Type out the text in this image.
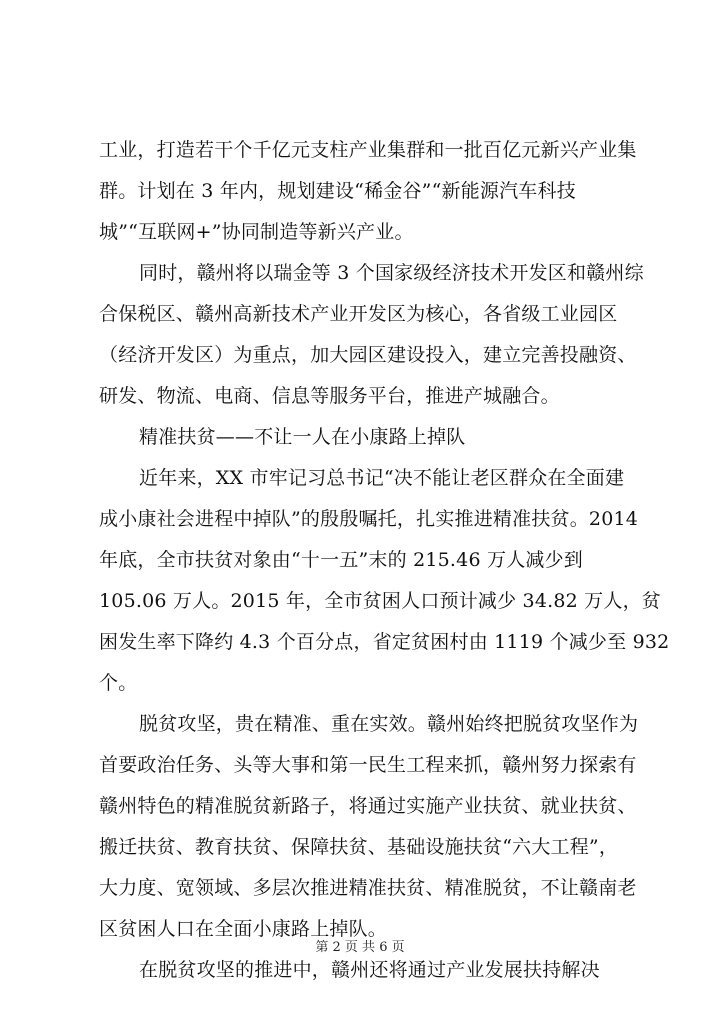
工业，打造若干个千亿元支柱产业集群和一批百亿元新兴产业集
群。计划在 3 年内，规划建设“稀金谷”“新能源汽车科技
城”“互联网+”协同制造等新兴产业。
同时，赣州将以瑞金等 3 个国家级经济技术开发区和赣州综
合保税区、赣州高新技术产业开发区为核心，各省级工业园区
（经济开发区）为重点，加大园区建设投入，建立完善投融资、
研发、物流、电商、信息等服务平台，推进产城融合。
精准扶贫——不让一人在小康路上掉队
近年来，XX 市牢记习总书记“决不能让老区群众在全面建
成小康社会进程中掉队”的殷殷嘱托，扎实推进精准扶贫。2014
年底，全市扶贫对象由“十一五”末的 215.46 万人减少到
105.06 万人。2015 年，全市贫困人口预计减少 34.82 万人，贫
困发生率下降约 4.3 个百分点，省定贫困村由 1119 个减少至 932
个。
脱贫攻坚，贵在精准、重在实效。赣州始终把脱贫攻坚作为
首要政治任务、头等大事和第一民生工程来抓，赣州努力探索有
赣州特色的精准脱贫新路子，将通过实施产业扶贫、就业扶贫、
搬迁扶贫、教育扶贫、保障扶贫、基础设施扶贫“六大工程”，
大力度、宽领域、多层次推进精准扶贫、精准脱贫，不让赣南老
区贫困人口在全面小康路上掉队。
在脱贫攻坚的推进中，赣州还将通过产业发展扶持解决
第 2 页 共 6 页
